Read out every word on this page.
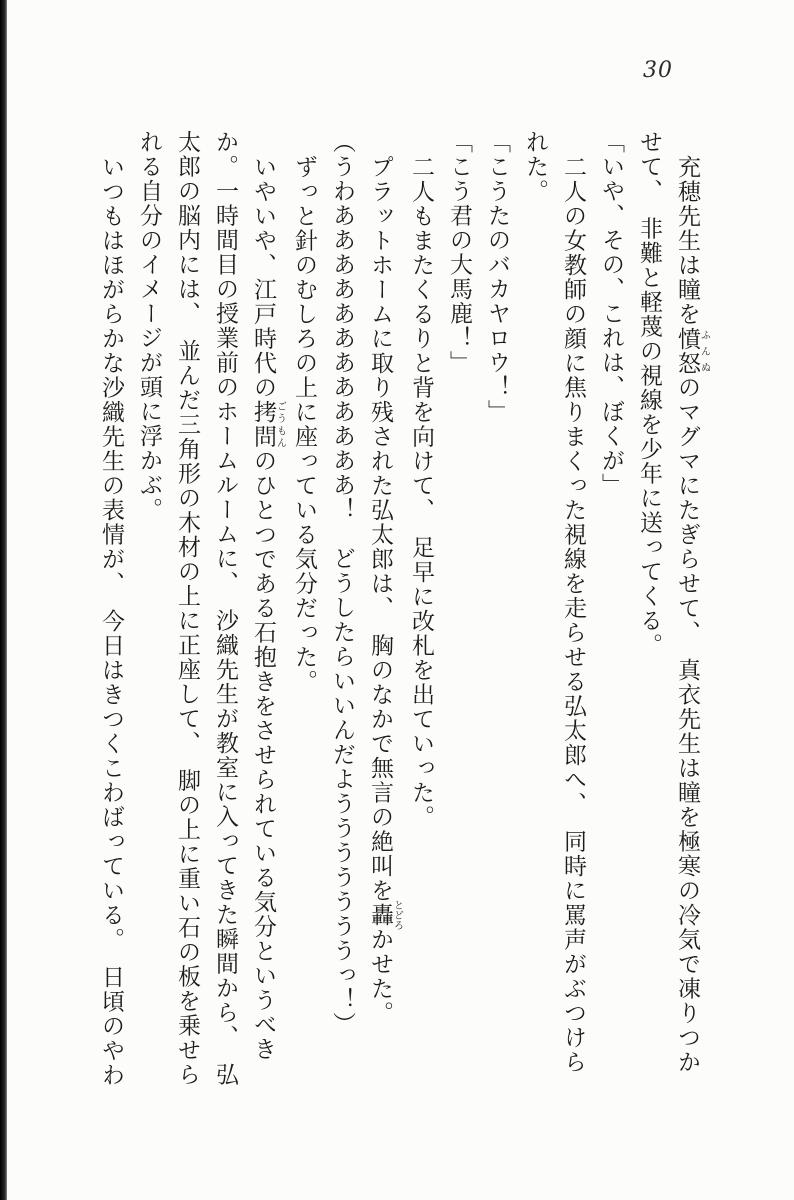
30

充穂先生は瞳を憤怒ふんぬのマグマにたぎらせて、　真衣先生は瞳を極寒の冷気で凍りつか

せて、　非難と軽蔑の視線を少年に送ってくる。

「いや、その、これは、ぼくが」

二人の女教師の顔に焦りまくった視線を走らせる弘太郎へ、　同時に罵声がぶつけら

れた。

「こうたのバカヤロウ！」

「こう君の大馬鹿！」

二人もまたくるりと背を向けて、　足早に改札を出ていった。

プラットホームに取り残された弘太郎は、　胸のなかで無言の絶叫を轟とどろかせた。

（うわああああああああああああ！　どうしたらいいんだようううううううっ！）

ずっと針のむしろの上に座っている気分だった。

いやいや、江戸時代の拷問ごうもんのひとつである石抱きをさせられている気分というべき

か。一時間目の授業前のホームルームに、　沙織先生が教室に入ってきた瞬間から、　弘

太郎の脳内には、　並んだ三角形の木材の上に正座して、　脚の上に重い石の板を乗せら

れる自分のイメージが頭に浮かぶ。

いつもはほがらかな沙織先生の表情が、　今日はきつくこわばっている。　日頃のやわ
